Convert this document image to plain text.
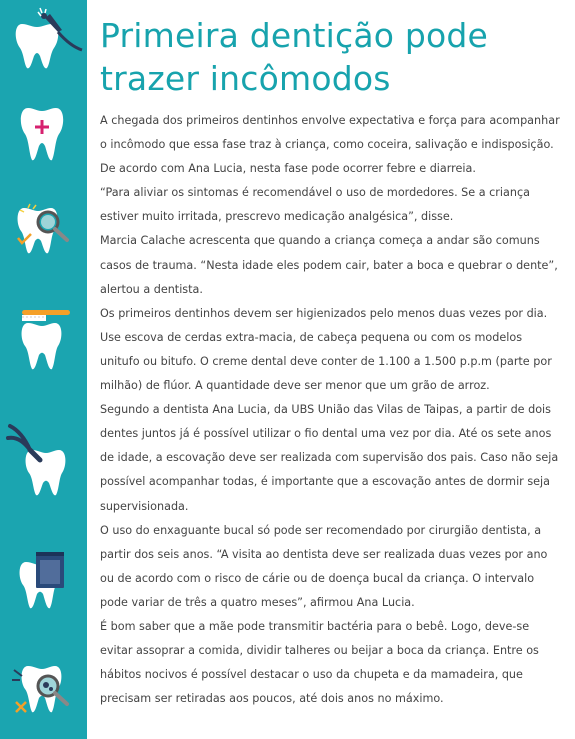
Primeira dentição pode
trazer incômodos

A chegada dos primeiros dentinhos envolve expectativa e força para acompanhar o incômodo que essa fase traz à criança, como coceira, salivação e indisposição. De acordo com Ana Lucia, nesta fase pode ocorrer febre e diarreia.

“Para aliviar os sintomas é recomendável o uso de mordedores. Se a criança estiver muito irritada, prescrevo medicação analgésica”, disse.

Marcia Calache acrescenta que quando a criança começa a andar são comuns casos de trauma. “Nesta idade eles podem cair, bater a boca e quebrar o dente”, alertou a dentista.

Os primeiros dentinhos devem ser higienizados pelo menos duas vezes por dia. Use escova de cerdas extra-macia, de cabeça pequena ou com os modelos unitufo ou bitufo. O creme dental deve conter de 1.100 a 1.500 p.p.m (parte por milhão) de flúor. A quantidade deve ser menor que um grão de arroz.

Segundo a dentista Ana Lucia, da UBS União das Vilas de Taipas, a partir de dois dentes juntos já é possível utilizar o fio dental uma vez por dia. Até os sete anos de idade, a escovação deve ser realizada com supervisão dos pais. Caso não seja possível acompanhar todas, é importante que a escovação antes de dormir seja supervisionada.

O uso do enxaguante bucal só pode ser recomendado por cirurgião dentista, a partir dos seis anos. “A visita ao dentista deve ser realizada duas vezes por ano ou de acordo com o risco de cárie ou de doença bucal da criança. O intervalo pode variar de três a quatro meses”, afirmou Ana Lucia.

É bom saber que a mãe pode transmitir bactéria para o bebê. Logo, deve-se evitar assoprar a comida, dividir talheres ou beijar a boca da criança. Entre os hábitos nocivos é possível destacar o uso da chupeta e da mamadeira, que precisam ser retiradas aos poucos, até dois anos no máximo.
